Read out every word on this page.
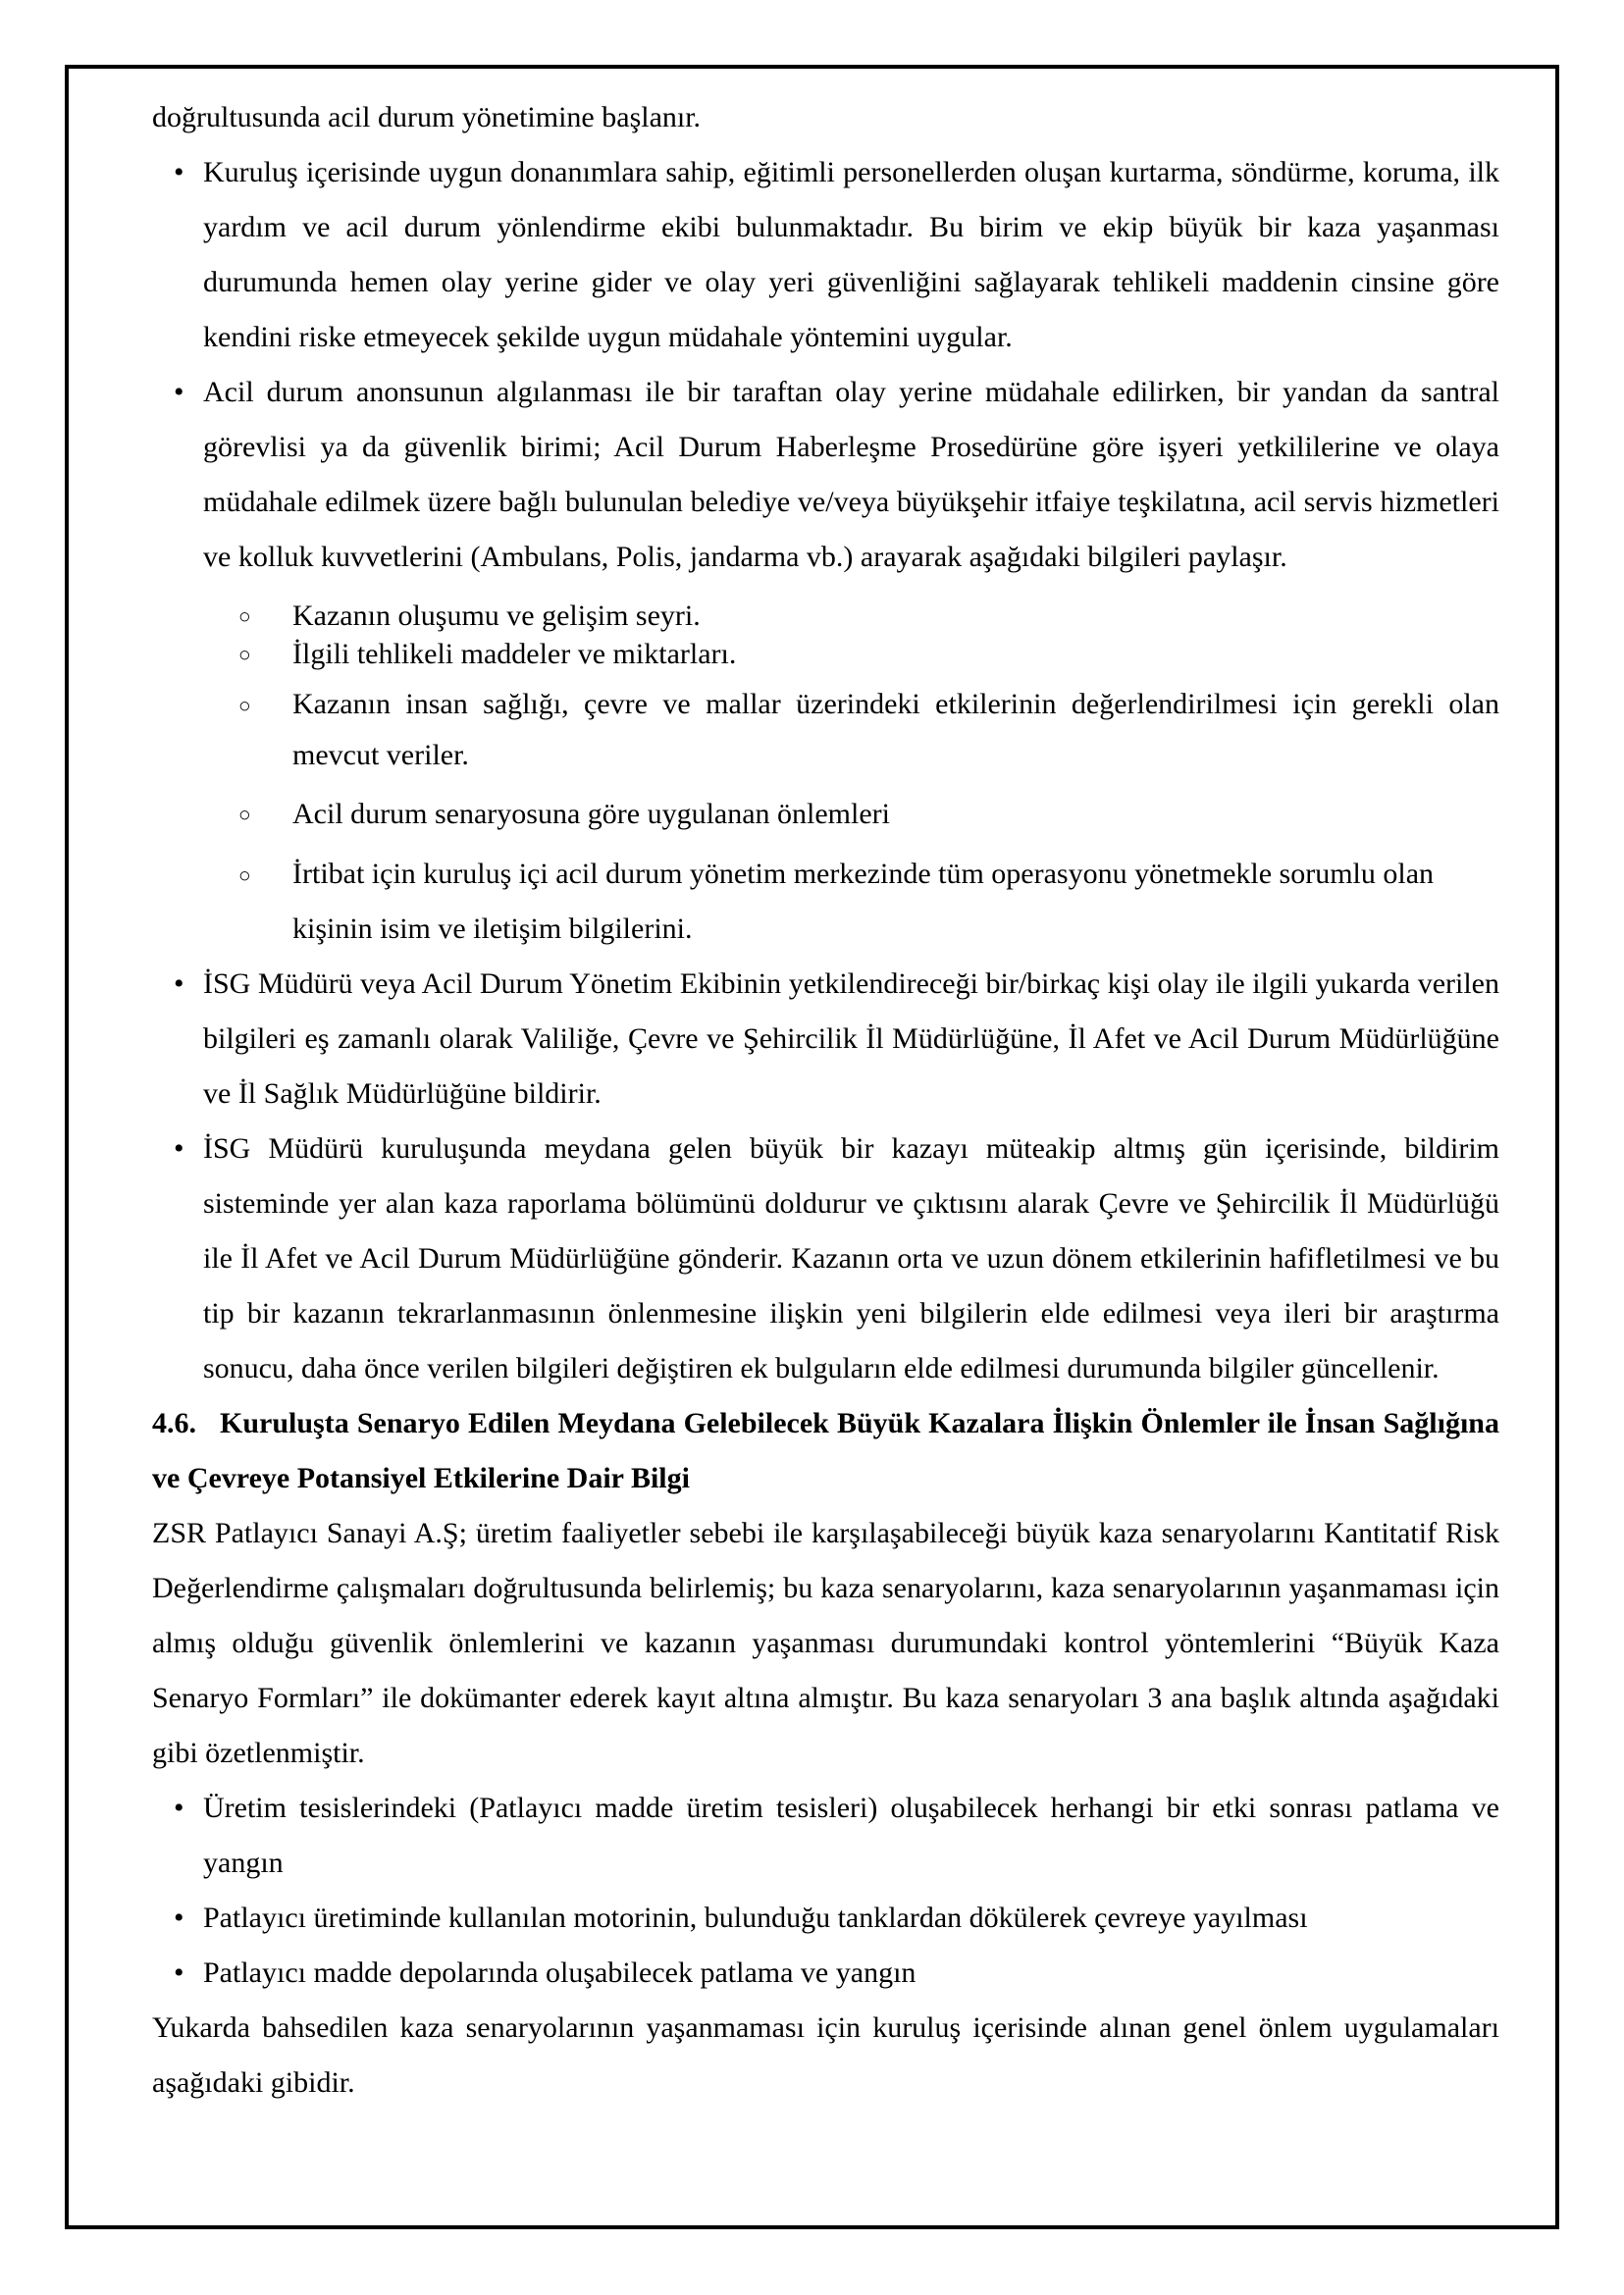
doğrultusunda acil durum yönetimine başlanır.

• Kuruluş içerisinde uygun donanımlara sahip, eğitimli personellerden oluşan kurtarma, söndürme, koruma, ilk yardım ve acil durum yönlendirme ekibi bulunmaktadır. Bu birim ve ekip büyük bir kaza yaşanması durumunda hemen olay yerine gider ve olay yeri güvenliğini sağlayarak tehlikeli maddenin cinsine göre kendini riske etmeyecek şekilde uygun müdahale yöntemini uygular.
• Acil durum anonsunun algılanması ile bir taraftan olay yerine müdahale edilirken, bir yandan da santral görevlisi ya da güvenlik birimi; Acil Durum Haberleşme Prosedürüne göre işyeri yetkililerine ve olaya müdahale edilmek üzere bağlı bulunulan belediye ve/veya büyükşehir itfaiye teşkilatına, acil servis hizmetleri ve kolluk kuvvetlerini (Ambulans, Polis, jandarma vb.) arayarak aşağıdaki bilgileri paylaşır.
○ Kazanın oluşumu ve gelişim seyri.
○ İlgili tehlikeli maddeler ve miktarları.
○ Kazanın insan sağlığı, çevre ve mallar üzerindeki etkilerinin değerlendirilmesi için gerekli olan mevcut veriler.
○ Acil durum senaryosuna göre uygulanan önlemleri
○ İrtibat için kuruluş içi acil durum yönetim merkezinde tüm operasyonu yönetmekle sorumlu olan kişinin isim ve iletişim bilgilerini.
• İSG Müdürü veya Acil Durum Yönetim Ekibinin yetkilendireceği bir/birkaç kişi olay ile ilgili yukarda verilen bilgileri eş zamanlı olarak Valiliğe, Çevre ve Şehircilik İl Müdürlüğüne, İl Afet ve Acil Durum Müdürlüğüne ve İl Sağlık Müdürlüğüne bildirir.
• İSG Müdürü kuruluşunda meydana gelen büyük bir kazayı müteakip altmış gün içerisinde, bildirim sisteminde yer alan kaza raporlama bölümünü doldurur ve çıktısını alarak Çevre ve Şehircilik İl Müdürlüğü ile İl Afet ve Acil Durum Müdürlüğüne gönderir. Kazanın orta ve uzun dönem etkilerinin hafifletilmesi ve bu tip bir kazanın tekrarlanmasının önlenmesine ilişkin yeni bilgilerin elde edilmesi veya ileri bir araştırma sonucu, daha önce verilen bilgileri değiştiren ek bulguların elde edilmesi durumunda bilgiler güncellenir.

4.6. Kuruluşta Senaryo Edilen Meydana Gelebilecek Büyük Kazalara İlişkin Önlemler ile İnsan Sağlığına ve Çevreye Potansiyel Etkilerine Dair Bilgi

ZSR Patlayıcı Sanayi A.Ş; üretim faaliyetler sebebi ile karşılaşabileceği büyük kaza senaryolarını Kantitatif Risk Değerlendirme çalışmaları doğrultusunda belirlemiş; bu kaza senaryolarını, kaza senaryolarının yaşanmaması için almış olduğu güvenlik önlemlerini ve kazanın yaşanması durumundaki kontrol yöntemlerini “Büyük Kaza Senaryo Formları” ile dokümanter ederek kayıt altına almıştır. Bu kaza senaryoları 3 ana başlık altında aşağıdaki gibi özetlenmiştir.

• Üretim tesislerindeki (Patlayıcı madde üretim tesisleri) oluşabilecek herhangi bir etki sonrası patlama ve yangın
• Patlayıcı üretiminde kullanılan motorinin, bulunduğu tanklardan dökülerek çevreye yayılması
• Patlayıcı madde depolarında oluşabilecek patlama ve yangın

Yukarda bahsedilen kaza senaryolarının yaşanmaması için kuruluş içerisinde alınan genel önlem uygulamaları aşağıdaki gibidir.
